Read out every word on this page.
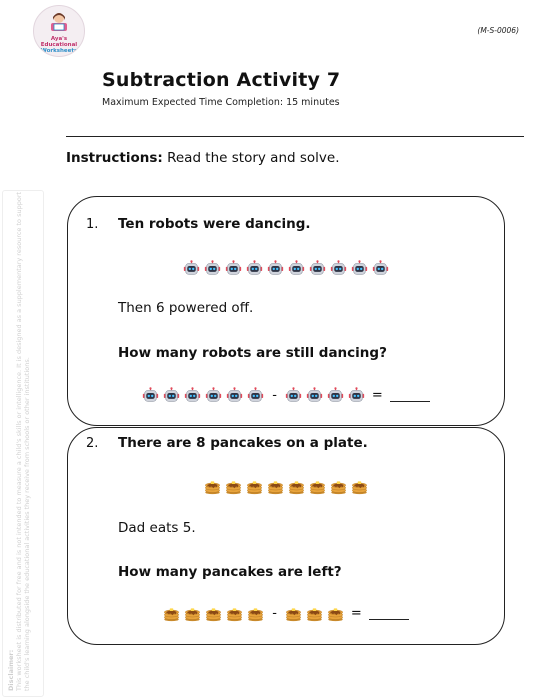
Aya's Educational
Worksheets
(M-S-0006)
Subtraction Activity 7
Maximum Expected Time Completion: 15 minutes
Instructions: Read the story and solve.
Disclaimer: This worksheet is distributed for free and is not intended to measure a child's skills or intelligence. It is designed as a supplementary resource to support the child's learning alongside the educational activities they receive from schools or other institutions.
1. Ten robots were dancing.
Then 6 powered off.
How many robots are still dancing?
-	=
2. There are 8 pancakes on a plate.
Dad eats 5.
How many pancakes are left?
-	=
